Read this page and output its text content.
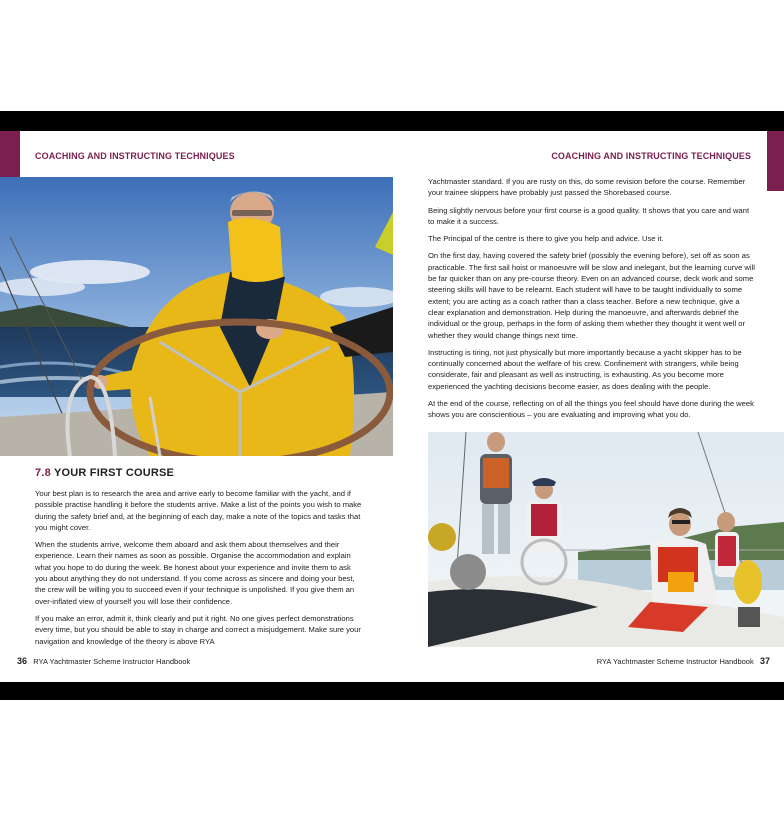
COACHING AND INSTRUCTING TECHNIQUES	COACHING AND INSTRUCTING TECHNIQUES
7.8 YOUR FIRST COURSE

Your best plan is to research the area and arrive early to become familiar with the yacht, and if possible practise handling it before the students arrive. Make a list of the points you wish to make during the safety brief and, at the beginning of each day, make a note of the topics and tasks that you might cover.

When the students arrive, welcome them aboard and ask them about themselves and their experience. Learn their names as soon as possible. Organise the accommodation and explain what you hope to do during the week. Be honest about your experience and invite them to ask you about anything they do not understand. If you come across as sincere and doing your best, the crew will be willing you to succeed even if your technique is unpolished. If you give them an over-inflated view of yourself you will lose their confidence.

If you make an error, admit it, think clearly and put it right. No one gives perfect demonstrations every time, but you should be able to stay in charge and correct a misjudgement. Make sure your navigation and knowledge of the theory is above RYA

Yachtmaster standard. If you are rusty on this, do some revision before the course. Remember your trainee skippers have probably just passed the Shorebased course.

Being slightly nervous before your first course is a good quality. It shows that you care and want to make it a success.

The Principal of the centre is there to give you help and advice. Use it.

On the first day, having covered the safety brief (possibly the evening before), set off as soon as practicable. The first sail hoist or manoeuvre will be slow and inelegant, but the learning curve will be far quicker than on any pre-course theory. Even on an advanced course, deck work and some steering skills will have to be relearnt. Each student will have to be taught individually to some extent; you are acting as a coach rather than a class teacher. Before a new technique, give a clear explanation and demonstration. Help during the manoeuvre, and afterwards debrief the individual or the group, perhaps in the form of asking them whether they thought it went well or whether they would change things next time.

Instructing is tiring, not just physically but more importantly because a yacht skipper has to be continually concerned about the welfare of his crew. Confinement with strangers, while being considerate, fair and pleasant as well as instructing, is exhausting. As you become more experienced the yachting decisions become easier, as does dealing with the people.

At the end of the course, reflecting on of all the things you feel should have done during the week shows you are conscientious – you are evaluating and improving what you do.

36 RYA Yachtmaster Scheme Instructor Handbook	RYA Yachtmaster Scheme Instructor Handbook 37
